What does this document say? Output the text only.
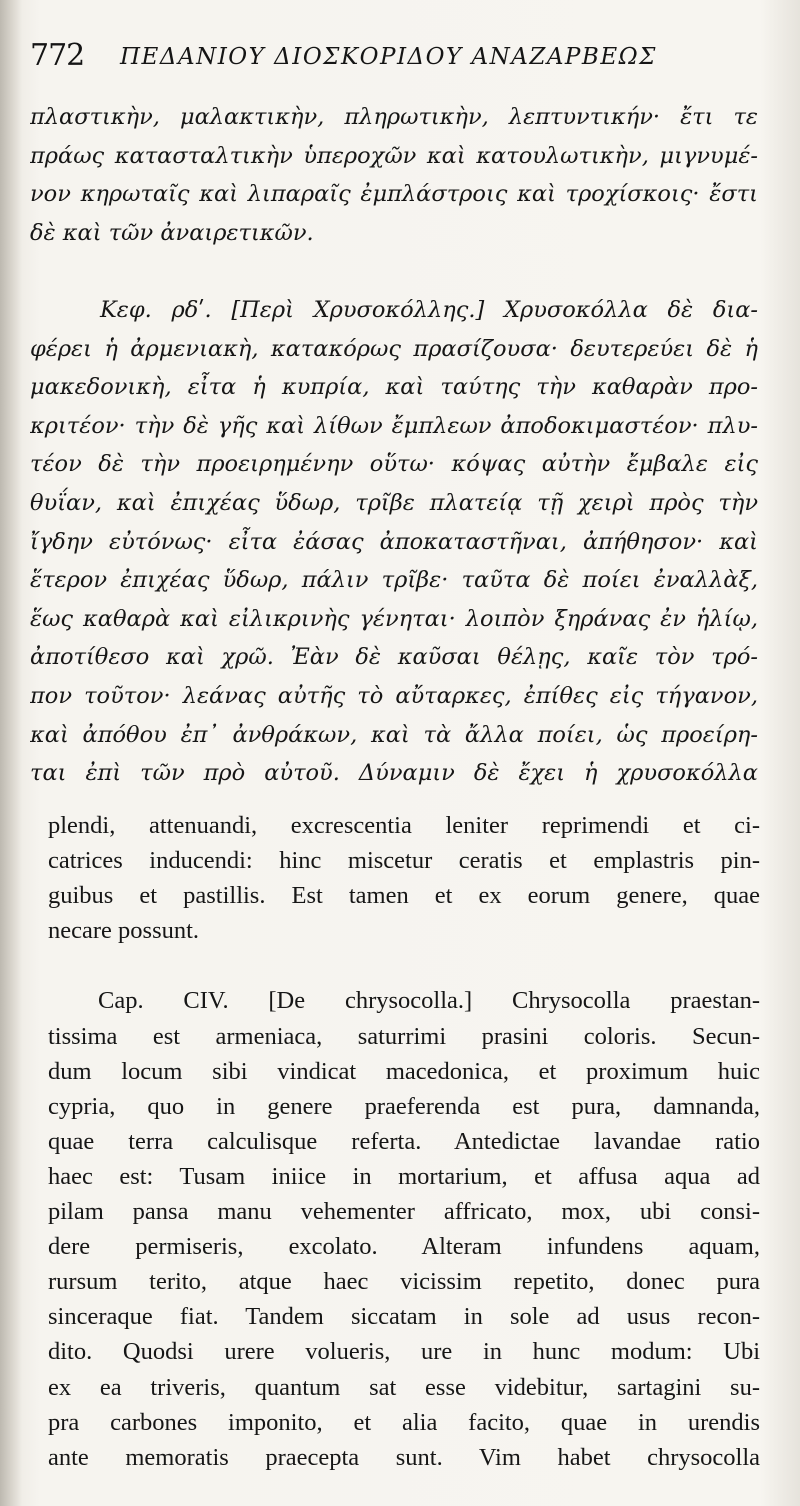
772 ΠΕΔΑΝΙΟΥ ΔΙΟΣΚΟΡΙΔΟΥ ΑΝΑΖΑΡΒΕΩΣ
πλαστικὴν, μαλακτικὴν, πληρωτικὴν, λεπτυντικήν· ἔτι τε
πράως κατασταλτικὴν ὑπεροχῶν καὶ κατουλωτικὴν, μιγνυμέ-
νον κηρωταῖς καὶ λιπαραῖς ἐμπλάστροις καὶ τροχίσκοις· ἔστι
δὲ καὶ τῶν ἀναιρετικῶν.
Κεφ. ρδʹ. [Περὶ Χρυσοκόλλης.] Χρυσοκόλλα δὲ δια-
φέρει ἡ ἀρμενιακὴ, κατακόρως πρασίζουσα· δευτερεύει δὲ ἡ
μακεδονικὴ, εἶτα ἡ κυπρία, καὶ ταύτης τὴν καθαρὰν προ-
κριτέον· τὴν δὲ γῆς καὶ λίθων ἔμπλεων ἀποδοκιμαστέον· πλυ-
τέον δὲ τὴν προειρημένην οὕτω· κόψας αὐτὴν ἔμβαλε εἰς
θυΐαν, καὶ ἐπιχέας ὕδωρ, τρῖβε πλατείᾳ τῇ χειρὶ πρὸς τὴν
ἴγδην εὐτόνως· εἶτα ἐάσας ἀποκαταστῆναι, ἀπήθησον· καὶ
ἕτερον ἐπιχέας ὕδωρ, πάλιν τρῖβε· ταῦτα δὲ ποίει ἐναλλὰξ,
ἕως καθαρὰ καὶ εἰλικρινὴς γένηται· λοιπὸν ξηράνας ἐν ἡλίῳ,
ἀποτίθεσο καὶ χρῶ. Ἐὰν δὲ καῦσαι θέλῃς, καῖε τὸν τρό-
πον τοῦτον· λεάνας αὐτῆς τὸ αὔταρκες, ἐπίθες εἰς τήγανον,
καὶ ἀπόθου ἐπ᾽ ἀνθράκων, καὶ τὰ ἄλλα ποίει, ὡς προείρη-
ται ἐπὶ τῶν πρὸ αὐτοῦ. Δύναμιν δὲ ἔχει ἡ χρυσοκόλλα
plendi, attenuandi, excrescentia leniter reprimendi et ci-
catrices inducendi: hinc miscetur ceratis et emplastris pin-
guibus et pastillis. Est tamen et ex eorum genere, quae
necare possunt.
Cap. CIV. [De chrysocolla.] Chrysocolla praestan-
tissima est armeniaca, saturrimi prasini coloris. Secun-
dum locum sibi vindicat macedonica, et proximum huic
cypria, quo in genere praeferenda est pura, damnanda,
quae terra calculisque referta. Antedictae lavandae ratio
haec est: Tusam iniice in mortarium, et affusa aqua ad
pilam pansa manu vehementer affricato, mox, ubi consi-
dere permiseris, excolato. Alteram infundens aquam,
rursum terito, atque haec vicissim repetito, donec pura
sinceraque fiat. Tandem siccatam in sole ad usus recon-
dito. Quodsi urere volueris, ure in hunc modum: Ubi
ex ea triveris, quantum sat esse videbitur, sartagini su-
pra carbones imponito, et alia facito, quae in urendis
ante memoratis praecepta sunt. Vim habet chrysocolla
